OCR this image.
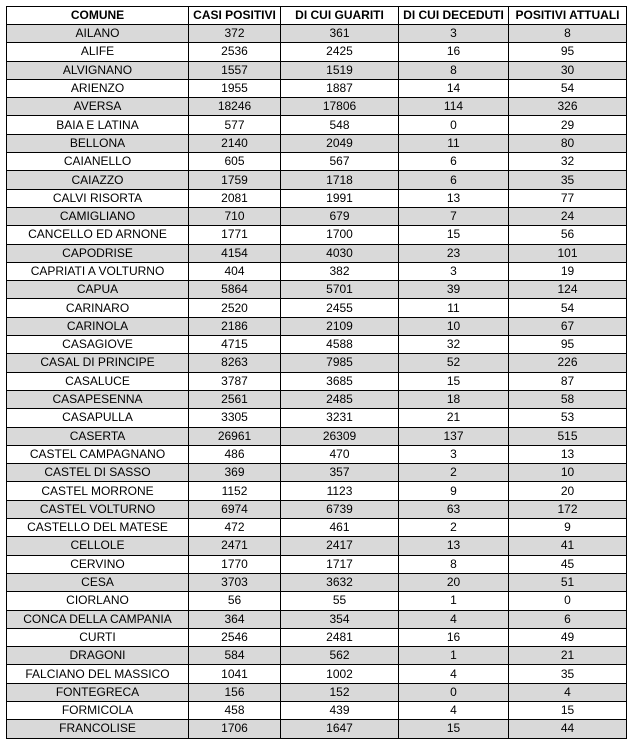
COMUNE	CASI POSITIVI	DI CUI GUARITI	DI CUI DECEDUTI	POSITIVI ATTUALI
AILANO	372	361	3	8
ALIFE	2536	2425	16	95
ALVIGNANO	1557	1519	8	30
ARIENZO	1955	1887	14	54
AVERSA	18246	17806	114	326
BAIA E LATINA	577	548	0	29
BELLONA	2140	2049	11	80
CAIANELLO	605	567	6	32
CAIAZZO	1759	1718	6	35
CALVI RISORTA	2081	1991	13	77
CAMIGLIANO	710	679	7	24
CANCELLO ED ARNONE	1771	1700	15	56
CAPODRISE	4154	4030	23	101
CAPRIATI A VOLTURNO	404	382	3	19
CAPUA	5864	5701	39	124
CARINARO	2520	2455	11	54
CARINOLA	2186	2109	10	67
CASAGIOVE	4715	4588	32	95
CASAL DI PRINCIPE	8263	7985	52	226
CASALUCE	3787	3685	15	87
CASAPESENNA	2561	2485	18	58
CASAPULLA	3305	3231	21	53
CASERTA	26961	26309	137	515
CASTEL CAMPAGNANO	486	470	3	13
CASTEL DI SASSO	369	357	2	10
CASTEL MORRONE	1152	1123	9	20
CASTEL VOLTURNO	6974	6739	63	172
CASTELLO DEL MATESE	472	461	2	9
CELLOLE	2471	2417	13	41
CERVINO	1770	1717	8	45
CESA	3703	3632	20	51
CIORLANO	56	55	1	0
CONCA DELLA CAMPANIA	364	354	4	6
CURTI	2546	2481	16	49
DRAGONI	584	562	1	21
FALCIANO DEL MASSICO	1041	1002	4	35
FONTEGRECA	156	152	0	4
FORMICOLA	458	439	4	15
FRANCOLISE	1706	1647	15	44
